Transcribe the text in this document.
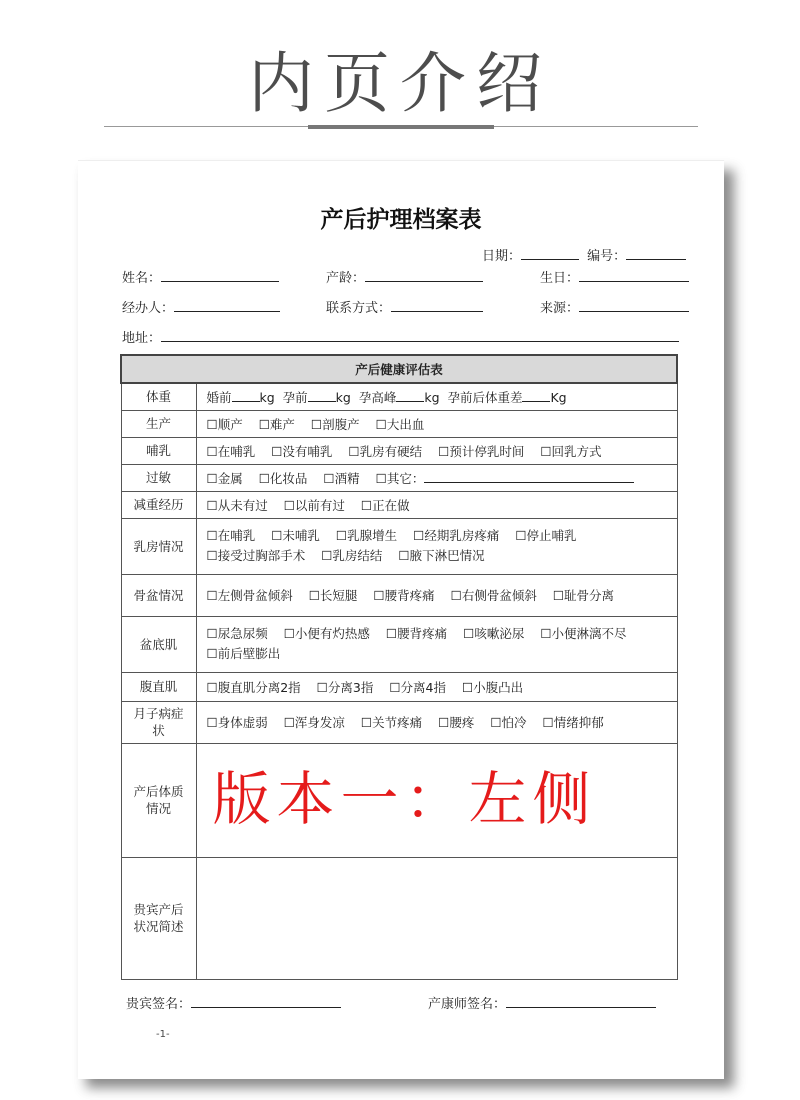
内页介绍
产后护理档案表
日期：	编号：
姓名：	产龄：	生日：
经办人：	联系方式：	来源：
地址：
产后健康评估表	
体重	婚前 kg 孕前 kg 孕高峰 kg 孕前后体重差 Kg
生产	☐顺产 ☐难产 ☐剖腹产 ☐大出血
哺乳	☐在哺乳 ☐没有哺乳 ☐乳房有硬结 ☐预计停乳时间 ☐回乳方式
过敏	☐金属 ☐化妆品 ☐酒精 ☐其它：
减重经历	☐从未有过 ☐以前有过 ☐正在做
乳房情况	☐在哺乳 ☐未哺乳 ☐乳腺增生 ☐经期乳房疼痛 ☐停止哺乳
☐接受过胸部手术 ☐乳房结结 ☐腋下淋巴情况

骨盆情况	☐左侧骨盆倾斜 ☐长短腿 ☐腰背疼痛 ☐右侧骨盆倾斜 ☐耻骨分离
盆底肌	☐尿急尿频 ☐小便有灼热感 ☐腰背疼痛 ☐咳嗽泌尿 ☐小便淋漓不尽
☐前后壁膨出

腹直肌	☐腹直肌分离2指 ☐分离3指 ☐分离4指 ☐小腹凸出
月子病症状	☐身体虚弱 ☐浑身发凉 ☐关节疼痛 ☐腰疼 ☐怕冷 ☐情绪抑郁
产后体质情况	版本一：左侧
贵宾产后状况简述	
贵宾签名：	产康师签名：
-1-
